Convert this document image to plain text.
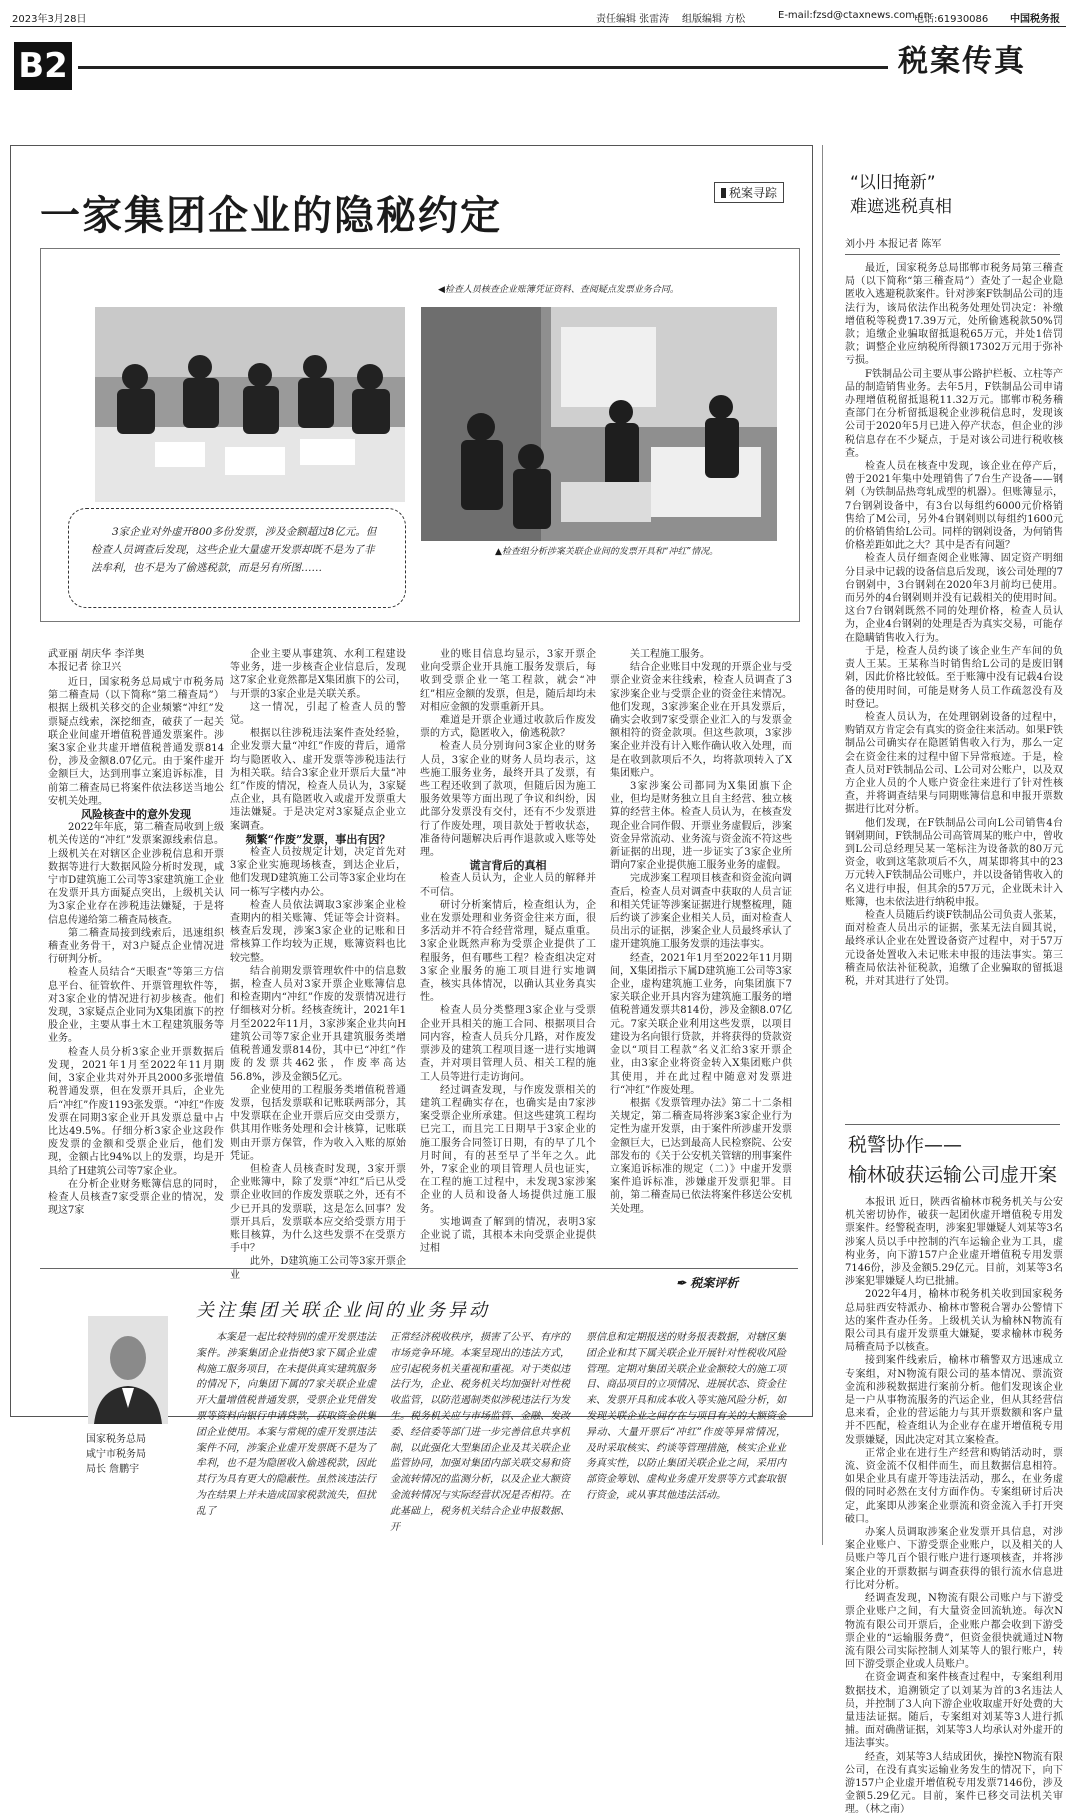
2023年3月28日	责任编辑 张雷涛 组版编辑 方松	E-mail:fzsd@ctaxnews.com.cn
电话:61930086 中国税务报
B2	税案传真
一家集团企业的隐秘约定	税案寻踪
◀检查人员核查企业账簿凭证资料、查阅疑点发票业务合同。
▲检查组分析涉案关联企业间的发票开具和“冲红”情况。
3家企业对外虚开800多份发票，涉及金额超过8亿元。但检查人员调查后发现，这些企业大量虚开发票却既不是为了非法牟利，也不是为了偷逃税款，而是另有所图……
武亚丽 胡庆华 李洋奥
本报记者 徐卫兴

近日，国家税务总局咸宁市税务局第二稽查局（以下简称“第二稽查局”）根据上级机关移交的企业频繁“冲红”发票疑点线索，深挖细查，破获了一起关联企业间虚开增值税普通发票案件。涉案3家企业共虚开增值税普通发票814份，涉及金额8.07亿元。由于案件虚开金额巨大，达到刑事立案追诉标准，目前第二稽查局已将案件依法移送当地公安机关处理。

风险核查中的意外发现

2022年年底，第二稽查局收到上级机关传送的“冲红”发票案源线索信息。上级机关在对辖区企业涉税信息和开票数据等进行大数据风险分析时发现，咸宁市D建筑施工公司等3家建筑施工企业在发票开具方面疑点突出，上级机关认为3家企业存在涉税违法嫌疑，于是将信息传递给第二稽查局核查。

第二稽查局接到线索后，迅速组织稽查业务骨干，对3户疑点企业情况进行研判分析。

检查人员结合“天眼查”等第三方信息平台、征管软件、开票管理软件等，对3家企业的情况进行初步核查。他们发现，3家疑点企业同为X集团旗下的控股企业，主要从事土木工程建筑服务等业务。

检查人员分析3家企业开票数据后发现，2021年1月至2022年11月期间，3家企业共对外开具2000多张增值税普通发票，但在发票开具后，企业先后“冲红”作废1193张发票。“冲红”作废发票在同期3家企业开具发票总量中占比达49.5%。仔细分析3家企业这段作废发票的金额和受票企业后，他们发现，金额占比94%以上的发票，均是开具给了H建筑公司等7家企业。

在分析企业财务账簿信息的同时，检查人员核查7家受票企业的情况，发现这7家

企业主要从事建筑、水利工程建设等业务，进一步核查企业信息后，发现这7家企业竟然都是X集团旗下的公司，与开票的3家企业是关联关系。

这一情况，引起了检查人员的警觉。

根据以往涉税违法案件查处经验，企业发票大量“冲红”作废的背后，通常均与隐匿收入、虚开发票等涉税违法行为相关联。结合3家企业开票后大量“冲红”作废的情况，检查人员认为，3家疑点企业，具有隐匿收入或虚开发票重大违法嫌疑。于是决定对3家疑点企业立案调查。

频繁“作废”发票，事出有因？

检查人员按规定计划，决定首先对3家企业实施现场核查，到达企业后，他们发现D建筑施工公司等3家企业均在同一栋写字楼内办公。

检查人员依法调取3家涉案企业检查期内的相关账簿、凭证等会计资料。核查后发现，涉案3家企业的记账和日常核算工作均较为正规，账簿资料也比较完整。

结合前期发票管理软件中的信息数据，检查人员对3家开票企业账簿信息和检查期内“冲红”作废的发票情况进行仔细核对分析。经核查统计，2021年1月至2022年11月，3家涉案企业共向H建筑公司等7家企业开具建筑服务类增值税普通发票814份，其中已“冲红”作废的发票共462张，作废率高达56.8%，涉及金额5亿元。

企业使用的工程服务类增值税普通发票，包括发票联和记账联两部分，其中发票联在企业开票后应交由受票方，供其用作账务处理和会计核算，记账联则由开票方保管，作为收入入账的原始凭证。

但检查人员核查时发现，3家开票企业账簿中，除了发票“冲红”后已从受票企业收回的作废发票联之外，还有不少已开具的发票联，这是怎么回事？发票开具后，发票联本应交给受票方用于账目核算，为什么这些发票不在受票方手中？

此外，D建筑施工公司等3家开票企业

业的账目信息均显示，3家开票企业向受票企业开具施工服务发票后，每收到受票企业一笔工程款，就会“冲红”相应金额的发票，但是，随后却均未对相应金额的发票重新开具。

难道是开票企业通过收款后作废发票的方式，隐匿收入，偷逃税款？

检查人员分别询问3家企业的财务人员，3家企业的财务人员均表示，这些施工服务业务，最终开具了发票，有些工程还收到了款项，但随后因为施工服务效果等方面出现了争议和纠纷，因此部分发票没有交付，还有不少发票进行了作废处理，项目款处于暂收状态，准备待问题解决后再作退款或入账等处理。

谎言背后的真相

检查人员认为，企业人员的解释并不可信。

研讨分析案情后，检查组认为，企业在发票处理和业务资金往来方面，很多活动并不符合经营常理，疑点重重。3家企业既然声称为受票企业提供了工程服务，但有哪些工程？检查组决定对3家企业服务的施工项目进行实地调查，核实具体情况，以确认其业务真实性。

检查人员分类整理3家企业与受票企业开具相关的施工合同、根据项目合同内容，检查人员兵分几路，对作废发票涉及的建筑工程项目逐一进行实地调查，并对项目管理人员、相关工程的施工人员等进行走访询问。

经过调查发现，与作废发票相关的建筑工程确实存在，也确实是由7家涉案受票企业所承建。但这些建筑工程均已完工，而且完工日期早于3家企业的施工服务合同签订日期，有的早了几个月时间，有的甚至早了半年之久。此外，7家企业的项目管理人员也证实，在工程的施工过程中，未发现3家涉案企业的人员和设备人场提供过施工服务。

实地调查了解到的情况，表明3家企业说了谎，其根本未向受票企业提供过相

关工程施工服务。

结合企业账目中发现的开票企业与受票企业资金来往线索，检查人员调查了3家涉案企业与受票企业的资金往来情况。他们发现，3家涉案企业在开具发票后，确实会收到7家受票企业汇入的与发票金额相符的资金款项。但这些款项，3家涉案企业并没有计入账作确认收入处理，而是在收到款项后不久，均将款项转入了X集团账户。

3家涉案公司都同为X集团旗下企业，但均是财务独立且自主经营、独立核算的经营主体。检查人员认为，在核查发现企业合同作假、开票业务虚假后，涉案资金异常流动、业务流与资金流不符这些新证据的出现，进一步证实了3家企业所谓向7家企业提供施工服务业务的虚假。

完成涉案工程项目核查和资金流向调查后，检查人员对调查中获取的人员言证和相关凭证等涉案证据进行规整梳理，随后约谈了涉案企业相关人员，面对检查人员出示的证据，涉案企业人员最终承认了虚开建筑施工服务发票的违法事实。

经查，2021年1月至2022年11月期间，X集团指示下属D建筑施工公司等3家企业，虚构建筑施工业务，向集团旗下7家关联企业开具内容为建筑施工服务的增值税普通发票共814份，涉及金额8.07亿元。7家关联企业利用这些发票，以项目建设为名向银行贷款，并将获得的贷款资金以“项目工程款”名义汇给3家开票企业，由3家企业将资金转入X集团账户供其使用，并在此过程中随意对发票进行“冲红”作废处理。

根据《发票管理办法》第二十二条相关规定，第二稽查局将涉案3家企业行为定性为虚开发票，由于案件所涉虚开发票金额巨大，已达到最高人民检察院、公安部发布的《关于公安机关管辖的刑事案件立案追诉标准的规定（二）》中虚开发票案件追诉标准，涉嫌虚开发票犯罪。目前，第二稽查局已依法将案件移送公安机关处理。

✒ 税案评析
关注集团关联企业间的业务异动
国家税务总局
咸宁市税务局
局长 詹鹏宇

本案是一起比较特别的虚开发票违法案件。涉案集团企业指使3家下属企业虚构施工服务项目，在未提供真实建筑服务的情况下，向集团下属的7家关联企业虚开大量增值税普通发票，受票企业凭借发票等资料向银行申请贷款，获取资金供集团企业使用。本案与常规的虚开发票违法案件不同，涉案企业虚开发票既不是为了牟利，也不是为隐匿收入偷逃税款，因此其行为具有更大的隐蔽性。虽然该违法行为在结果上并未造成国家税款流失，但扰乱了

正常经济税收秩序，损害了公平、有序的市场竞争环境。本案呈现出的违法方式，应引起税务机关重视和重视。对于类似违法行为，企业、税务机关均加强针对性税收监管，以防范遏制类似涉税违法行为发生。税务机关应与市场监管、金融、发改委、经信委等部门进一步完善信息共享机制，以此强化大型集团企业及其关联企业监管协同，加强对集团内部关联交易和资金流转情况的监测分析，以及企业大额资金流转情况与实际经营状况是否相符。在此基础上，税务机关结合企业申报数据、开

票信息和定期报送的财务报表数据，对辖区集团企业和其下属关联企业开展针对性税收风险管理。定期对集团关联企业金额较大的施工项目、商品项目的立项情况、进展状态、资金往来、发票开具和成本收入等实施风险分析，如发现关联企业之间存在与项目有关的大额资金异动、大量开票后“冲红”作废等异常情况，及时采取核实、约谈等管理措施，核实企业业务真实性，以防止集团关联企业之间，采用内部资金筹划、虚构业务虚开发票等方式套取银行资金，或从事其他违法活动。

“以旧掩新”
难遮逃税真相
刘小丹 本报记者 陈军

最近，国家税务总局邯郸市税务局第三稽查局（以下简称“第三稽查局”）查处了一起企业隐匿收入逃避税款案件。针对涉案F铁制品公司的违法行为，该局依法作出税务处理处罚决定：补缴增值税等税费17.39万元，处所偷逃税款50%罚款；追缴企业骗取留抵退税65万元，并处1倍罚款；调整企业应纳税所得额17302万元用于弥补亏损。

F铁制品公司主要从事公路护栏板、立柱等产品的制造销售业务。去年5月，F铁制品公司申请办理增值税留抵退税11.32万元。邯郸市税务稽查部门在分析留抵退税企业涉税信息时，发现该公司于2020年5月已进入停产状态，但企业的涉税信息存在不少疑点，于是对该公司进行税收核查。

检查人员在核查中发现，该企业在停产后，曾于2021年集中处理销售了7台生产设备——钢剁（为铁制品热弯轧成型的机器）。但账簿显示，7台钢剁设备中，有3台以每组约6000元价格销售给了M公司，另外4台钢剁则以每组约1600元的价格销售给L公司。同样的钢剁设备，为何销售价格差距如此之大？其中是否有问题？

检查人员仔细查阅企业账簿、固定资产明细分目录中记载的设备信息后发现，该公司处理的7台钢剁中，3台钢剁在2020年3月前均已使用。而另外的4台钢剁则并没有记载相关的使用时间。这台7台钢剁既然不同的处理价格，检查人员认为，企业4台钢剁的处理是否为真实交易，可能存在隐瞒销售收入行为。

于是，检查人员约谈了该企业生产车间的负责人王某。王某称当时销售给L公司的是废旧钢剁，因此价格比较低。至于账簿中没有记载4台设备的使用时间，可能是财务人员工作疏忽没有及时登记。

检查人员认为，在处理钢剁设备的过程中，购销双方肯定会有真实的资金往来活动。如果F铁制品公司确实存在隐匿销售收入行为，那么一定会在资金往来的过程中留下异常痕迹。于是，检查人员对F铁制品公司、L公司对公账户，以及双方企业人员的个人账户资金往来进行了针对性核查，并将调查结果与同期账簿信息和申报开票数据进行比对分析。

他们发现，在F铁制品公司向L公司销售4台钢剁期间，F铁制品公司高管周某的账户中，曾收到L公司总经理吴某一笔标注为设备款的80万元资金，收到这笔款项后不久，周某即将其中的23万元转入F铁制品公司账户，并以设备销售收入的名义进行申报，但其余的57万元，企业既未计入账簿，也未依法进行纳税申报。

检查人员随后约谈F铁制品公司负责人张某，面对检查人员出示的证据，张某无法自圆其说，最终承认企业在处置设备资产过程中，对于57万元设备处置收入未记账未申报的违法事实。第三稽查局依法补征税款，追缴了企业骗取的留抵退税，并对其进行了处罚。

税警协作——
榆林破获运输公司虚开案

本报讯 近日，陕西省榆林市税务机关与公安机关密切协作，破获一起团伙虚开增值税专用发票案件。经警税查明，涉案犯罪嫌疑人刘某等3名涉案人员以手中控制的汽车运输企业为工具，虚构业务，向下游157户企业虚开增值税专用发票7146份，涉及金额5.29亿元。目前，刘某等3名涉案犯罪嫌疑人均已批捕。

2022年4月，榆林市税务机关收到国家税务总局驻西安特派办、榆林市警税合署办公警情下达的案件查办任务。上级机关认为榆林N物流有限公司具有虚开发票重大嫌疑，要求榆林市税务局稽查局予以核查。

接到案件线索后，榆林市稽警双方迅速成立专案组，对N物流有限公司的基本情况、票流资金流和涉税数据进行案前分析。他们发现该企业是一户从事物流服务的汽运企业，但从其经营信息来看，企业的营运能力与其开票数额和客户量并不匹配，检查组认为企业存在虚开增值税专用发票嫌疑，因此决定对其立案检查。

正常企业在进行生产经营和购销活动时，票流、资金流不仅相伴而生，而且数据信息相符。如果企业具有虚开等违法活动，那么，在业务虚假的同时必然在支付方面作伪。专案组研讨后决定，此案即从涉案企业票流和资金流入手打开突破口。

办案人员调取涉案企业发票开具信息，对涉案企业账户、下游受票企业账户，以及相关的人员账户等几百个银行账户进行逐项核查，并将涉案企业的开票数据与调查获得的银行流水信息进行比对分析。

经调查发现，N物流有限公司账户与下游受票企业账户之间，有大量资金回流轨迹。每次N物流有限公司开票后，企业账户都会收到下游受票企业的“运输服务费”，但资金很快就通过N物流有限公司实际控制人刘某等人的银行账户，转回下游受票企业或人员账户。

在资金调查和案件核查过程中，专案组利用数据技术，追溯锁定了以刘某为首的3名违法人员，并控制了3人向下游企业收取虚开好处费的大量违法证据。随后，专案组对刘某等3人进行抓捕。面对确凿证据，刘某等3人均承认对外虚开的违法事实。

经查，刘某等3人结成团伙，操控N物流有限公司，在没有真实运输业务发生的情况下，向下游157户企业虚开增值税专用发票7146份，涉及金额5.29亿元。目前，案件已移交司法机关审理。（林之南）
